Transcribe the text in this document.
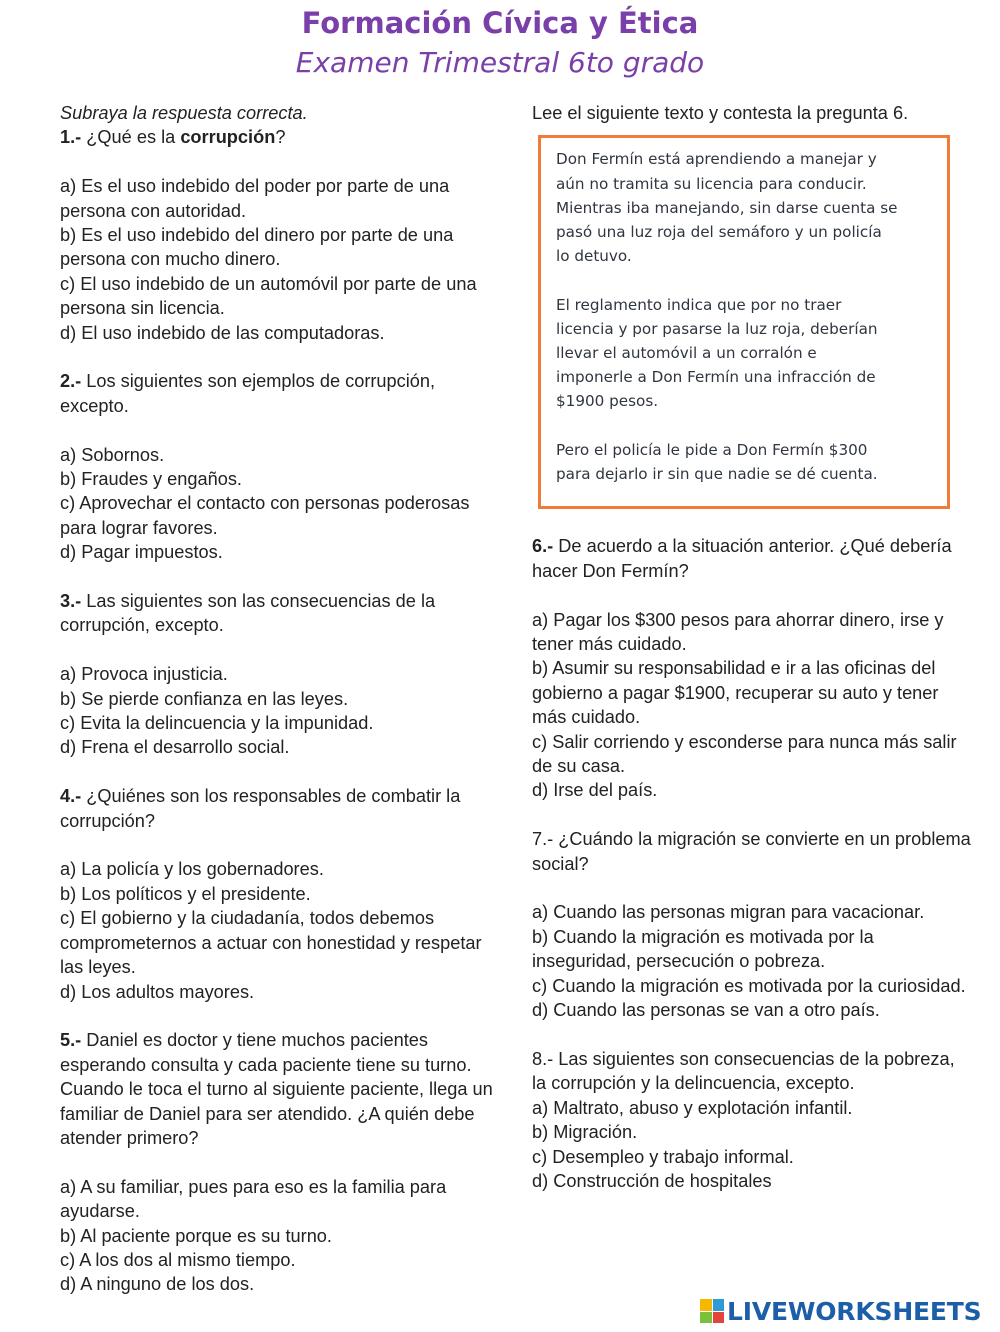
Formación Cívica y Ética
Examen Trimestral 6to grado

Subraya la respuesta correcta.

1.- ¿Qué es la corrupción?

a) Es el uso indebido del poder por parte de una persona con autoridad.

b) Es el uso indebido del dinero por parte de una persona con mucho dinero.

c) El uso indebido de un automóvil por parte de una persona sin licencia.

d) El uso indebido de las computadoras.

2.- Los siguientes son ejemplos de corrupción, excepto.

a) Sobornos.

b) Fraudes y engaños.

c) Aprovechar el contacto con personas poderosas para lograr favores.

d) Pagar impuestos.

3.- Las siguientes son las consecuencias de la corrupción, excepto.

a) Provoca injusticia.

b) Se pierde confianza en las leyes.

c) Evita la delincuencia y la impunidad.

d) Frena el desarrollo social.

4.- ¿Quiénes son los responsables de combatir la corrupción?

a) La policía y los gobernadores.

b) Los políticos y el presidente.

c) El gobierno y la ciudadanía, todos debemos comprometernos a actuar con honestidad y respetar las leyes.

d) Los adultos mayores.

5.- Daniel es doctor y tiene muchos pacientes esperando consulta y cada paciente tiene su turno. Cuando le toca el turno al siguiente paciente, llega un familiar de Daniel para ser atendido. ¿A quién debe atender primero?

a) A su familiar, pues para eso es la familia para ayudarse.

b) Al paciente porque es su turno.

c) A los dos al mismo tiempo.

d) A ninguno de los dos.

Lee el siguiente texto y contesta la pregunta 6.

Don Fermín está aprendiendo a manejar y

aún no tramita su licencia para conducir.

Mientras iba manejando, sin darse cuenta se

pasó una luz roja del semáforo y un policía

lo detuvo.

El reglamento indica que por no traer

licencia y por pasarse la luz roja, deberían

llevar el automóvil a un corralón e

imponerle a Don Fermín una infracción de

$1900 pesos.

Pero el policía le pide a Don Fermín $300

para dejarlo ir sin que nadie se dé cuenta.

6.- De acuerdo a la situación anterior. ¿Qué debería hacer Don Fermín?

a) Pagar los $300 pesos para ahorrar dinero, irse y tener más cuidado.

b) Asumir su responsabilidad e ir a las oficinas del gobierno a pagar $1900, recuperar su auto y tener más cuidado.

c) Salir corriendo y esconderse para nunca más salir de su casa.

d) Irse del país.

7.- ¿Cuándo la migración se convierte en un problema social?

a) Cuando las personas migran para vacacionar.

b) Cuando la migración es motivada por la inseguridad, persecución o pobreza.

c) Cuando la migración es motivada por la curiosidad.

d) Cuando las personas se van a otro país.

8.- Las siguientes son consecuencias de la pobreza, la corrupción y la delincuencia, excepto.

a) Maltrato, abuso y explotación infantil.

b) Migración.

c) Desempleo y trabajo informal.

d) Construcción de hospitales

LIVEWORKSHEETS
